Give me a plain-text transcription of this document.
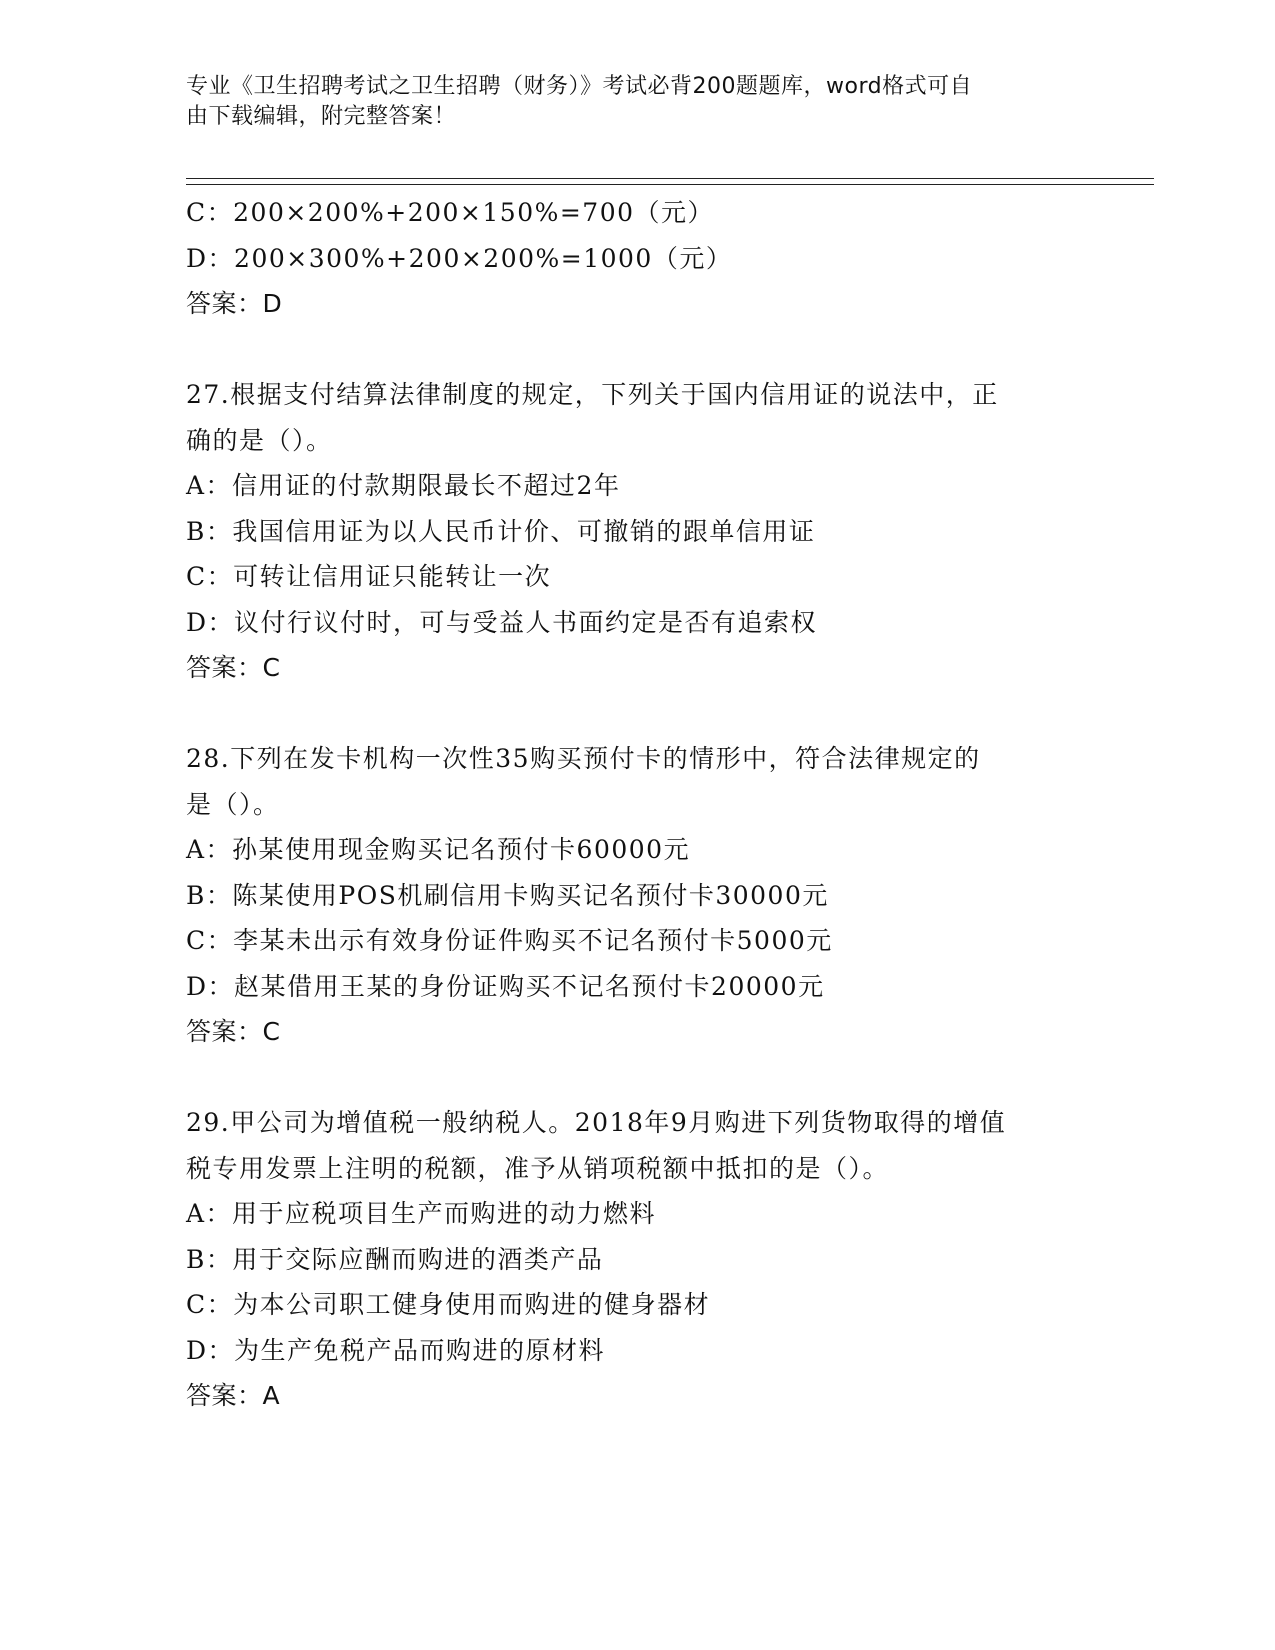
专业《卫生招聘考试之卫生招聘（财务）》考试必背200题题库，word格式可自
由下载编辑，附完整答案！
C：200×200%+200×150%=700（元）
D：200×300%+200×200%=1000（元）
答案：D
27.根据支付结算法律制度的规定，下列关于国内信用证的说法中，正
确的是（）。
A：信用证的付款期限最长不超过2年
B：我国信用证为以人民币计价、可撤销的跟单信用证
C：可转让信用证只能转让一次
D：议付行议付时，可与受益人书面约定是否有追索权
答案：C
28.下列在发卡机构一次性35购买预付卡的情形中，符合法律规定的
是（）。
A：孙某使用现金购买记名预付卡60000元
B：陈某使用POS机刷信用卡购买记名预付卡30000元
C：李某未出示有效身份证件购买不记名预付卡5000元
D：赵某借用王某的身份证购买不记名预付卡20000元
答案：C
29.甲公司为增值税一般纳税人。2018年9月购进下列货物取得的增值
税专用发票上注明的税额，准予从销项税额中抵扣的是（）。
A：用于应税项目生产而购进的动力燃料
B：用于交际应酬而购进的酒类产品
C：为本公司职工健身使用而购进的健身器材
D：为生产免税产品而购进的原材料
答案：A
